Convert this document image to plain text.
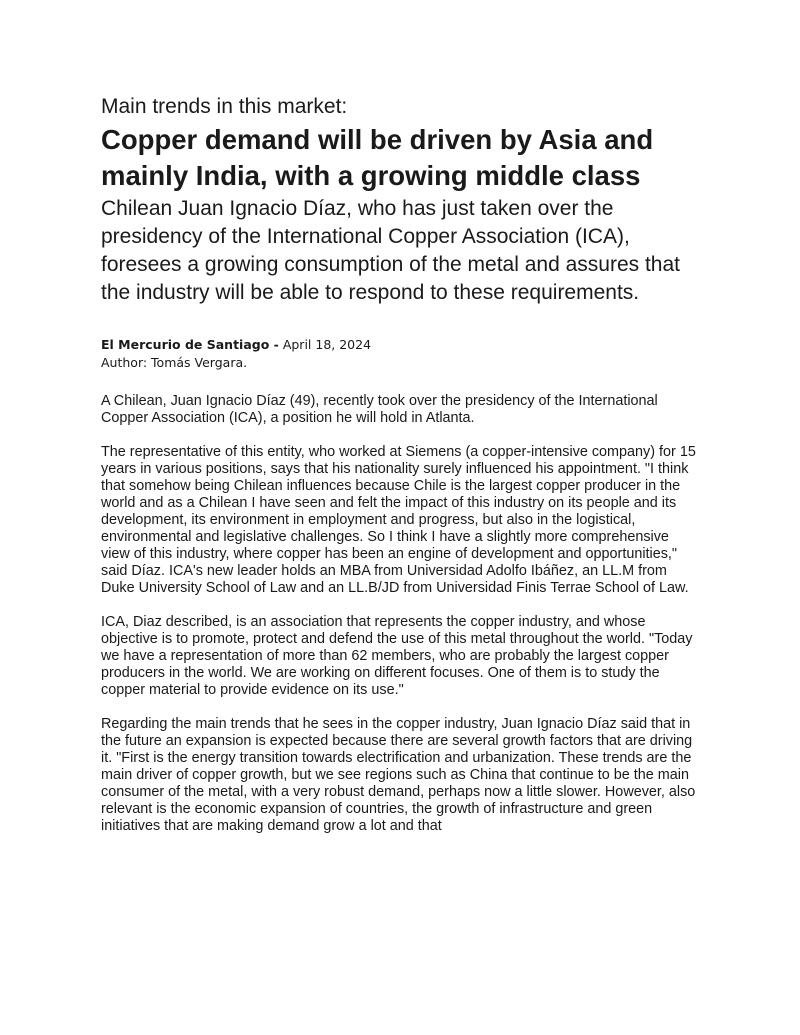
Main trends in this market:
Copper demand will be driven by Asia and mainly India, with a growing middle class
Chilean Juan Ignacio Díaz, who has just taken over the presidency of the International Copper Association (ICA), foresees a growing consumption of the metal and assures that the industry will be able to respond to these requirements.
El Mercurio de Santiago - April 18, 2024
Author: Tomás Vergara.

A Chilean, Juan Ignacio Díaz (49), recently took over the presidency of the International Copper Association (ICA), a position he will hold in Atlanta.

The representative of this entity, who worked at Siemens (a copper-intensive company) for 15 years in various positions, says that his nationality surely influenced his appointment. "I think that somehow being Chilean influences because Chile is the largest copper producer in the world and as a Chilean I have seen and felt the impact of this industry on its people and its development, its environment in employment and progress, but also in the logistical, environmental and legislative challenges. So I think I have a slightly more comprehensive view of this industry, where copper has been an engine of development and opportunities," said Díaz. ICA's new leader holds an MBA from Universidad Adolfo Ibáñez, an LL.M from Duke University School of Law and an LL.B/JD from Universidad Finis Terrae School of Law.

ICA, Diaz described, is an association that represents the copper industry, and whose objective is to promote, protect and defend the use of this metal throughout the world. "Today we have a representation of more than 62 members, who are probably the largest copper producers in the world. We are working on different focuses. One of them is to study the copper material to provide evidence on its use."

Regarding the main trends that he sees in the copper industry, Juan Ignacio Díaz said that in the future an expansion is expected because there are several growth factors that are driving it. "First is the energy transition towards electrification and urbanization. These trends are the main driver of copper growth, but we see regions such as China that continue to be the main consumer of the metal, with a very robust demand, perhaps now a little slower. However, also relevant is the economic expansion of countries, the growth of infrastructure and green initiatives that are making demand grow a lot and that
